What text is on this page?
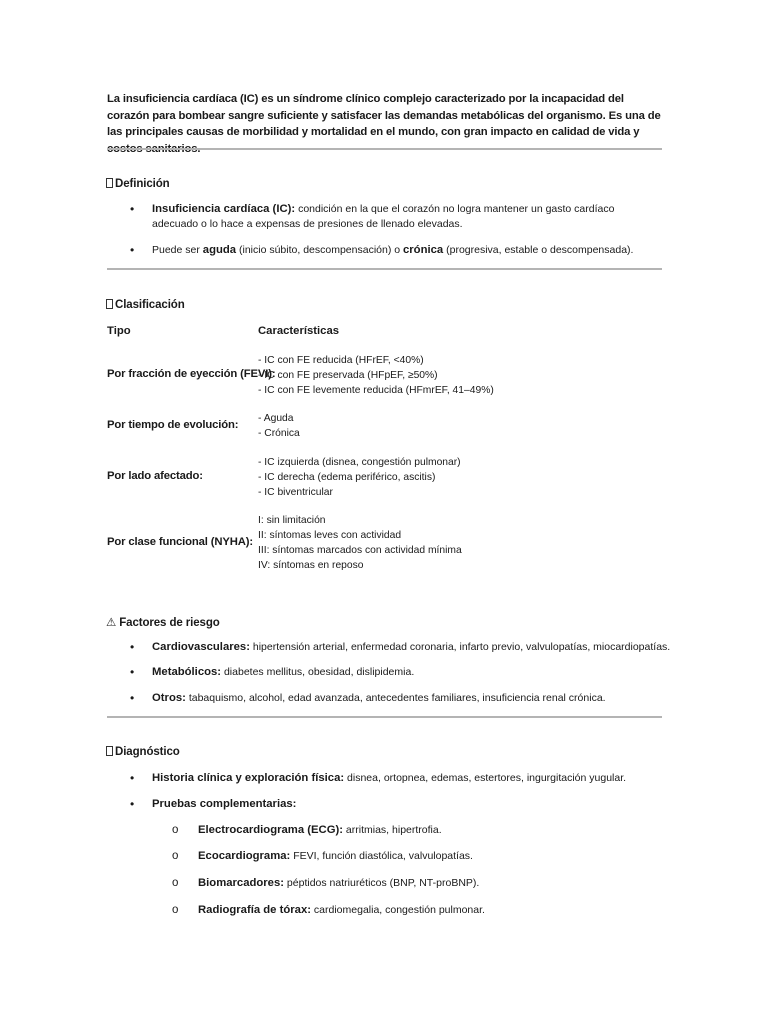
La insuficiencia cardíaca (IC) es un síndrome clínico complejo caracterizado por la incapacidad del corazón para bombear sangre suficiente y satisfacer las demandas metabólicas del organismo. Es una de las principales causas de morbilidad y mortalidad en el mundo, con gran impacto en calidad de vida y costos sanitarios.
Definición
• Insuficiencia cardíaca (IC): condición en la que el corazón no logra mantener un gasto cardíaco adecuado o lo hace a expensas de presiones de llenado elevadas.
• Puede ser aguda (inicio súbito, descompensación) o crónica (progresiva, estable o descompensada).
Clasificación
Tipo	Características
Por fracción de eyección (FEVI):
- IC con FE reducida (HFrEF, <40%)
- IC con FE preservada (HFpEF, ≥50%)
- IC con FE levemente reducida (HFmrEF, 41–49%)
Por tiempo de evolución:
- Aguda
- Crónica
Por lado afectado:
- IC izquierda (disnea, congestión pulmonar)
- IC derecha (edema periférico, ascitis)
- IC biventricular
Por clase funcional (NYHA):
I: sin limitación
II: síntomas leves con actividad
III: síntomas marcados con actividad mínima
IV: síntomas en reposo
⚠ Factores de riesgo
• Cardiovasculares: hipertensión arterial, enfermedad coronaria, infarto previo, valvulopatías, miocardiopatías.
• Metabólicos: diabetes mellitus, obesidad, dislipidemia.
• Otros: tabaquismo, alcohol, edad avanzada, antecedentes familiares, insuficiencia renal crónica.
Diagnóstico
• Historia clínica y exploración física: disnea, ortopnea, edemas, estertores, ingurgitación yugular.
• Pruebas complementarias:
o Electrocardiograma (ECG): arritmias, hipertrofia.
o Ecocardiograma: FEVI, función diastólica, valvulopatías.
o Biomarcadores: péptidos natriuréticos (BNP, NT-proBNP).
o Radiografía de tórax: cardiomegalia, congestión pulmonar.
